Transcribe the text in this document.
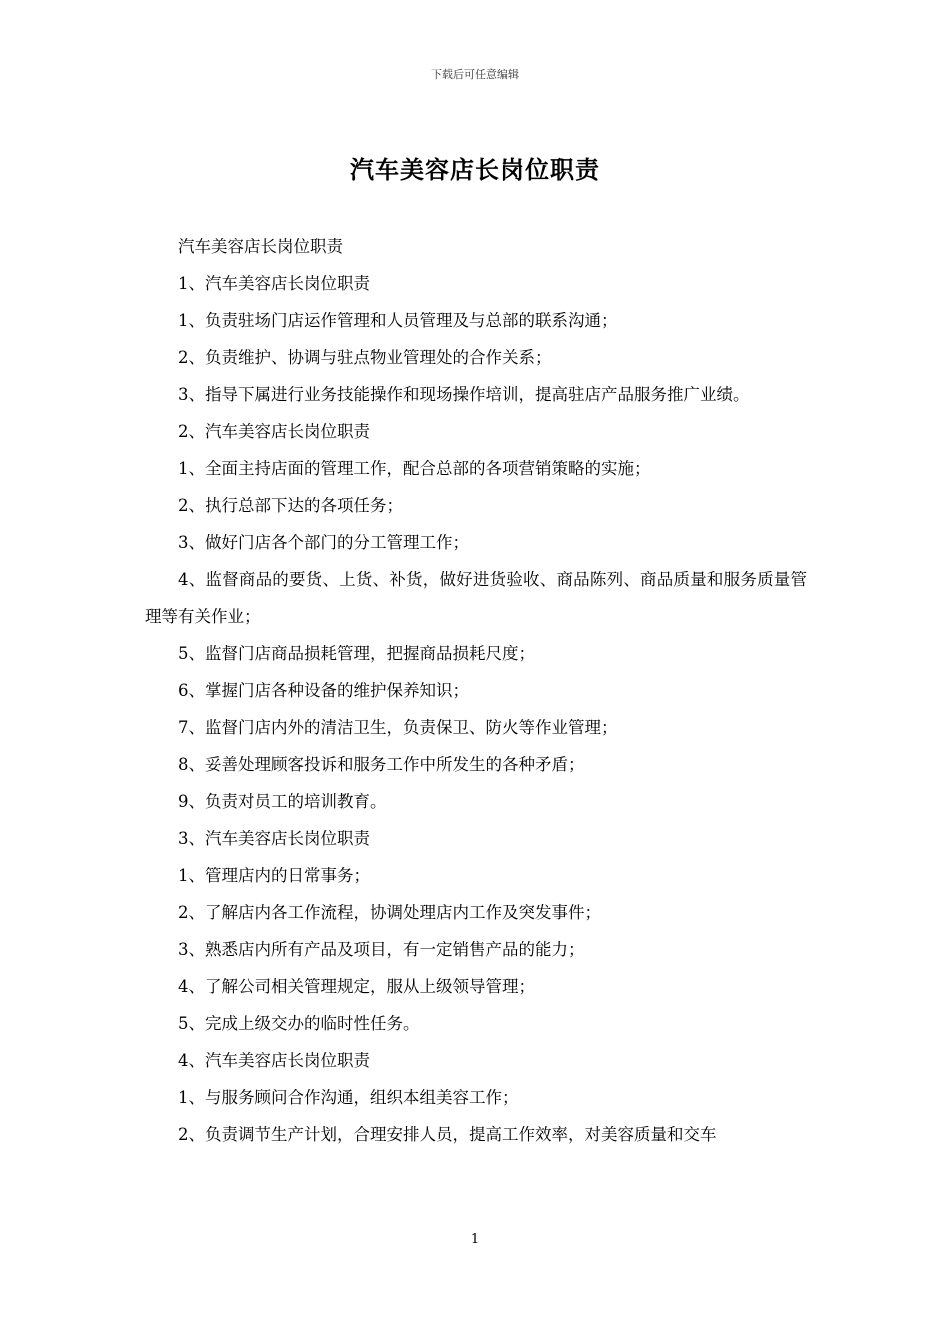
下载后可任意编辑
汽车美容店长岗位职责

汽车美容店长岗位职责

1、汽车美容店长岗位职责

1、负责驻场门店运作管理和人员管理及与总部的联系沟通；

2、负责维护、协调与驻点物业管理处的合作关系；

3、指导下属进行业务技能操作和现场操作培训，提高驻店产品服务推广业绩。

2、汽车美容店长岗位职责

1、全面主持店面的管理工作，配合总部的各项营销策略的实施；

2、执行总部下达的各项任务；

3、做好门店各个部门的分工管理工作；

4、监督商品的要货、上货、补货，做好进货验收、商品陈列、商品质量和服务质量管理等有关作业；

5、监督门店商品损耗管理，把握商品损耗尺度；

6、掌握门店各种设备的维护保养知识；

7、监督门店内外的清洁卫生，负责保卫、防火等作业管理；

8、妥善处理顾客投诉和服务工作中所发生的各种矛盾；

9、负责对员工的培训教育。

3、汽车美容店长岗位职责

1、管理店内的日常事务；

2、了解店内各工作流程，协调处理店内工作及突发事件；

3、熟悉店内所有产品及项目，有一定销售产品的能力；

4、了解公司相关管理规定，服从上级领导管理；

5、完成上级交办的临时性任务。

4、汽车美容店长岗位职责

1、与服务顾问合作沟通，组织本组美容工作；

2、负责调节生产计划，合理安排人员，提高工作效率，对美容质量和交车

1
